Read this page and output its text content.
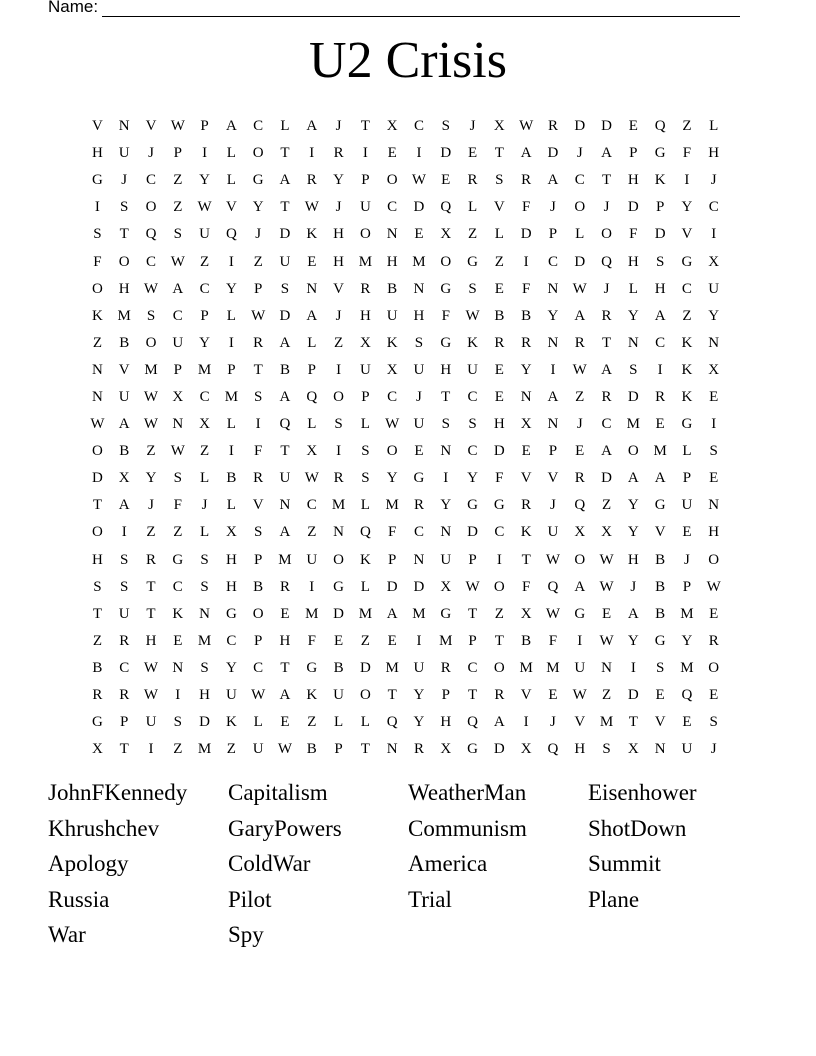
Name:
U2 Crisis
V	N	V W	P	A	C	L	A	J	T	X	C	S	J	X W R	D	D	E	Q	Z	L
H	U	J	P	I	L	O	T	I	R	I	E	I	D	E	T	A	D	J	A	P	G	F	H
G	J	C	Z	Y	L	G	A	R	Y	P	O W	E	R	S	R	A	C	T	H	K	I	J
I	S	O	Z	W V	Y	T	W	J	U	C	D	Q	L	V	F	J	O	J	D	P	Y	C
S	T	Q	S	U	Q	J	D	K	H	O	N	E	X	Z	L	D	P	L	O	F	D	V	I
F	O	C W	Z	I	Z	U	E	H M H M O	G	Z	I	C	D	Q	H	S	G	X
O	H W A	C	Y	P	S	N	V	R	B	N	G	S	E	F	N W	J	L	H	C	U
K M	S	C	P	L	W D	A	J	H	U	H	F	W B	B	Y	A	R	Y	A	Z	Y
Z	B	O	U	Y	I	R	A	L	Z	X	K	S	G	K	R	R	N	R	T	N	C	K	N
N	V M	P	M	P	T	B	P	I	U	X	U	H	U	E	Y	I	W A	S	I	K	X
N	U W X	C	M	S	A	Q	O	P	C	J	T	C	E	N	A	Z	R	D	R	K	E
W A W N	X	L	I	Q	L	S	L	W U	S	S	H	X	N	J	C	M	E	G	I
O	B	Z	W	Z	I	F	T	X	I	S	O	E	N	C	D	E	P	E	A	O M	L	S
D	X	Y	S	L	B	R	U W R	S	Y	G	I	Y	F	V	V	R	D	A	A	P	E
T	A	J	F	J	L	V	N	C	M	L	M	R	Y	G	G	R	J	Q	Z	Y	G	U	N
O	I	Z	Z	L	X	S	A	Z	N	Q	F	C	N	D	C	K	U	X	X	Y	V	E	H
H	S	R	G	S	H	P	M U	O	K	P	N	U	P	I	T	W O W H	B	J	O
S	S	T	C	S	H	B	R	I	G	L	D	D	X W O	F	Q	A W	J	B	P	W
T	U	T	K	N	G	O	E	M D M A M G	T	Z	X W G	E	A	B	M	E
Z	R	H	E	M	C	P	H	F	E	Z	E	I	M	P	T	B	F	I	W Y	G	Y	R
B	C W N	S	Y	C	T	G	B	D M U	R	C	O M M U	N	I	S	M O
R	R W	I	H	U W A	K	U	O	T	Y	P	T	R	V	E	W	Z	D	E	Q	E
G	P	U	S	D	K	L	E	Z	L	L	Q	Y	H	Q	A	I	J	V M	T	V	E	S
X	T	I	Z	M	Z	U W B	P	T	N	R	X	G	D	X	Q	H	S	X	N	U	J
JohnFKennedy	Capitalism	WeatherMan	Eisenhower
Khrushchev	GaryPowers	Communism	ShotDown
Apology	ColdWar	America	Summit
Russia	Pilot	Trial	Plane
War	Spy
